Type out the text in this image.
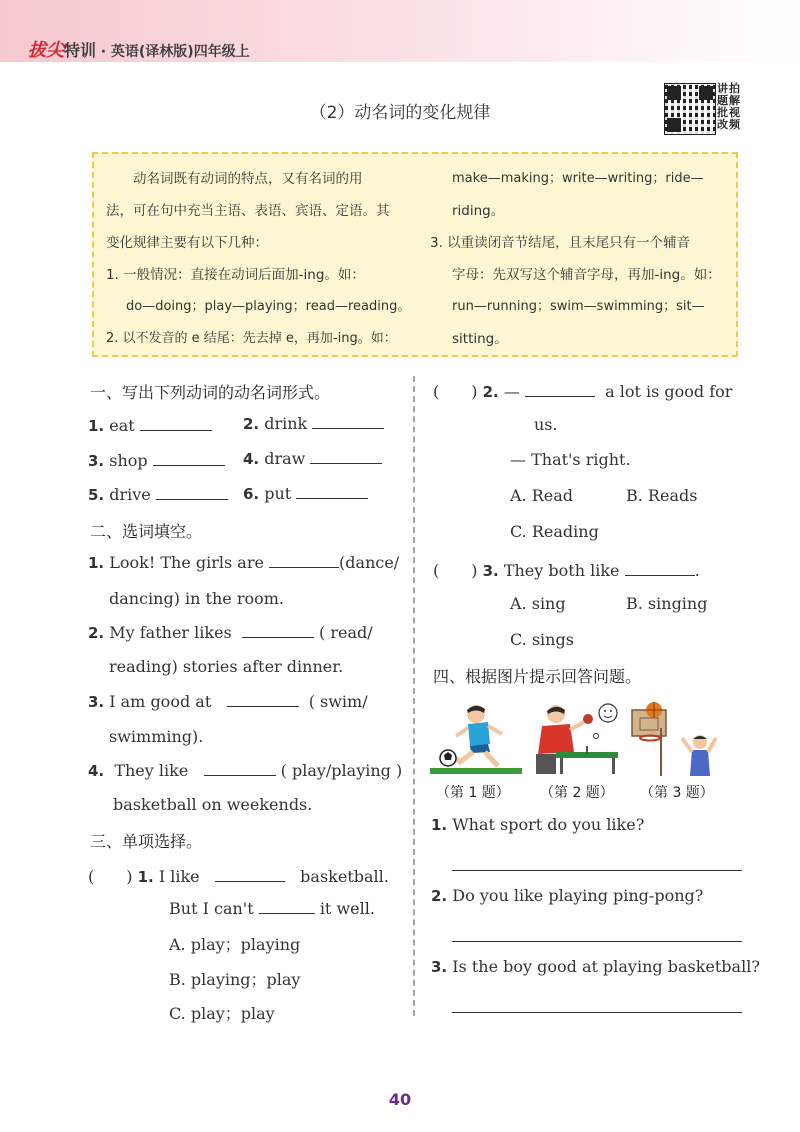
拔尖特训 · 英语(译林版)四年级上
（2）动名词的变化规律
讲
题
批
改
拍
解
视
频
　　动名词既有动词的特点，又有名词的用
法，可在句中充当主语、表语、宾语、定语。其
变化规律主要有以下几种：
1. 一般情况：直接在动词后面加-ing。如：
do—doing；play—playing；read—reading。
2. 以不发音的 e 结尾：先去掉 e，再加-ing。如：
make—making；write—writing；ride—
riding。
3. 以重读闭音节结尾，且末尾只有一个辅音
字母：先双写这个辅音字母，再加-ing。如：
run—running；swim—swimming；sit—
sitting。
一、写出下列动词的动名词形式。
1. eat	2. drink
3. shop	4. draw
5. drive	6. put
二、选词填空。
1. Look! The girls are	(dance/
dancing) in the room.
2. My father likes	( read/
reading) stories after dinner.
3. I am good at	( swim/
swimming).
4. They like	( play/playing )
basketball on weekends.
三、单项选择。
(　　) 1. I like	basketball.
But I can't	it well.
A. play；playing
B. playing；play
C. play；play
(　　) 2. —	a lot is good for
us.
— That's right.
A. Read	B. Reads
C. Reading
(　　) 3. They both like	.
A. sing	B. singing
C. sings
四、根据图片提示回答问题。
（第 1 题） （第 2 题） （第 3 题）
1. What sport do you like?
2. Do you like playing ping-pong?
3. Is the boy good at playing basketball?
40
